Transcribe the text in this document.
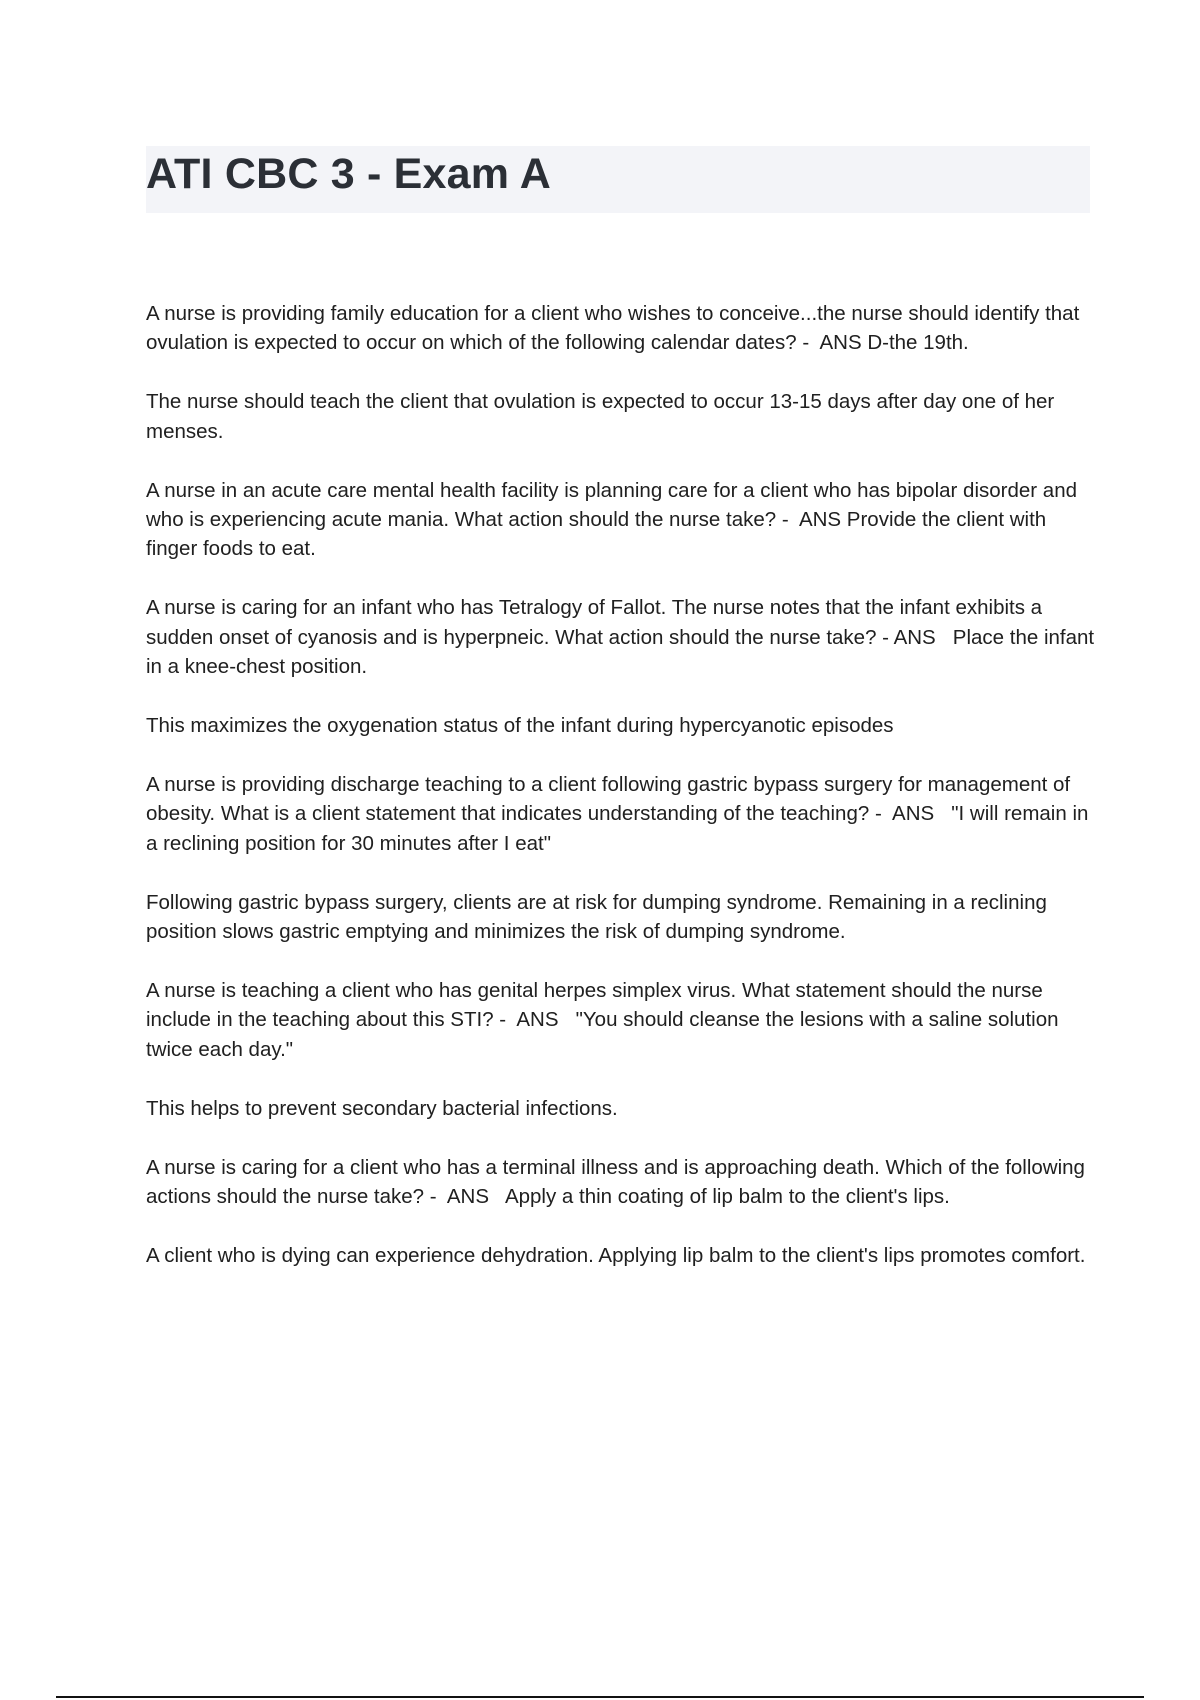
ATI CBC 3 - Exam A

A nurse is providing family education for a client who wishes to conceive...the nurse should identify that ovulation is expected to occur on which of the following calendar dates? -  ANS D-the 19th.

The nurse should teach the client that ovulation is expected to occur 13-15 days after day one of her menses.

A nurse in an acute care mental health facility is planning care for a client who has bipolar disorder and who is experiencing acute mania. What action should the nurse take? -  ANS Provide the client with finger foods to eat.

A nurse is caring for an infant who has Tetralogy of Fallot. The nurse notes that the infant exhibits a sudden onset of cyanosis and is hyperpneic. What action should the nurse take? - ANS   Place the infant in a knee-chest position.

This maximizes the oxygenation status of the infant during hypercyanotic episodes

A nurse is providing discharge teaching to a client following gastric bypass surgery for management of obesity. What is a client statement that indicates understanding of the teaching? -  ANS   "I will remain in a reclining position for 30 minutes after I eat"

Following gastric bypass surgery, clients are at risk for dumping syndrome. Remaining in a reclining position slows gastric emptying and minimizes the risk of dumping syndrome.

A nurse is teaching a client who has genital herpes simplex virus. What statement should the nurse include in the teaching about this STI? -  ANS   "You should cleanse the lesions with a saline solution twice each day."

This helps to prevent secondary bacterial infections.

A nurse is caring for a client who has a terminal illness and is approaching death. Which of the following actions should the nurse take? -  ANS   Apply a thin coating of lip balm to the client's lips.

A client who is dying can experience dehydration. Applying lip balm to the client's lips promotes comfort.
